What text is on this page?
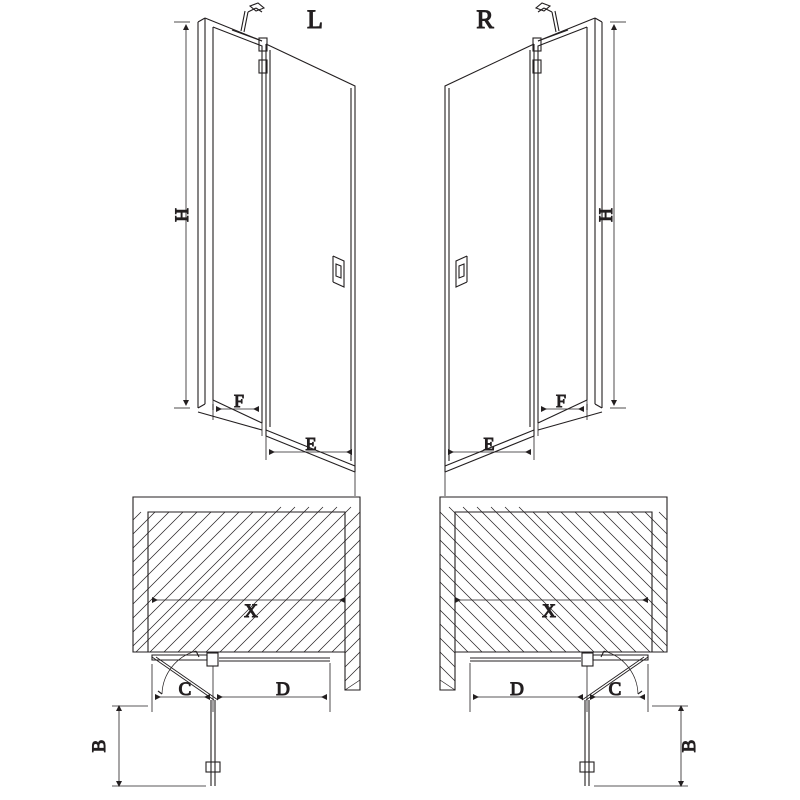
F
E
H
L
F
E
H
R
X
C	D
B
X
C
D
B
